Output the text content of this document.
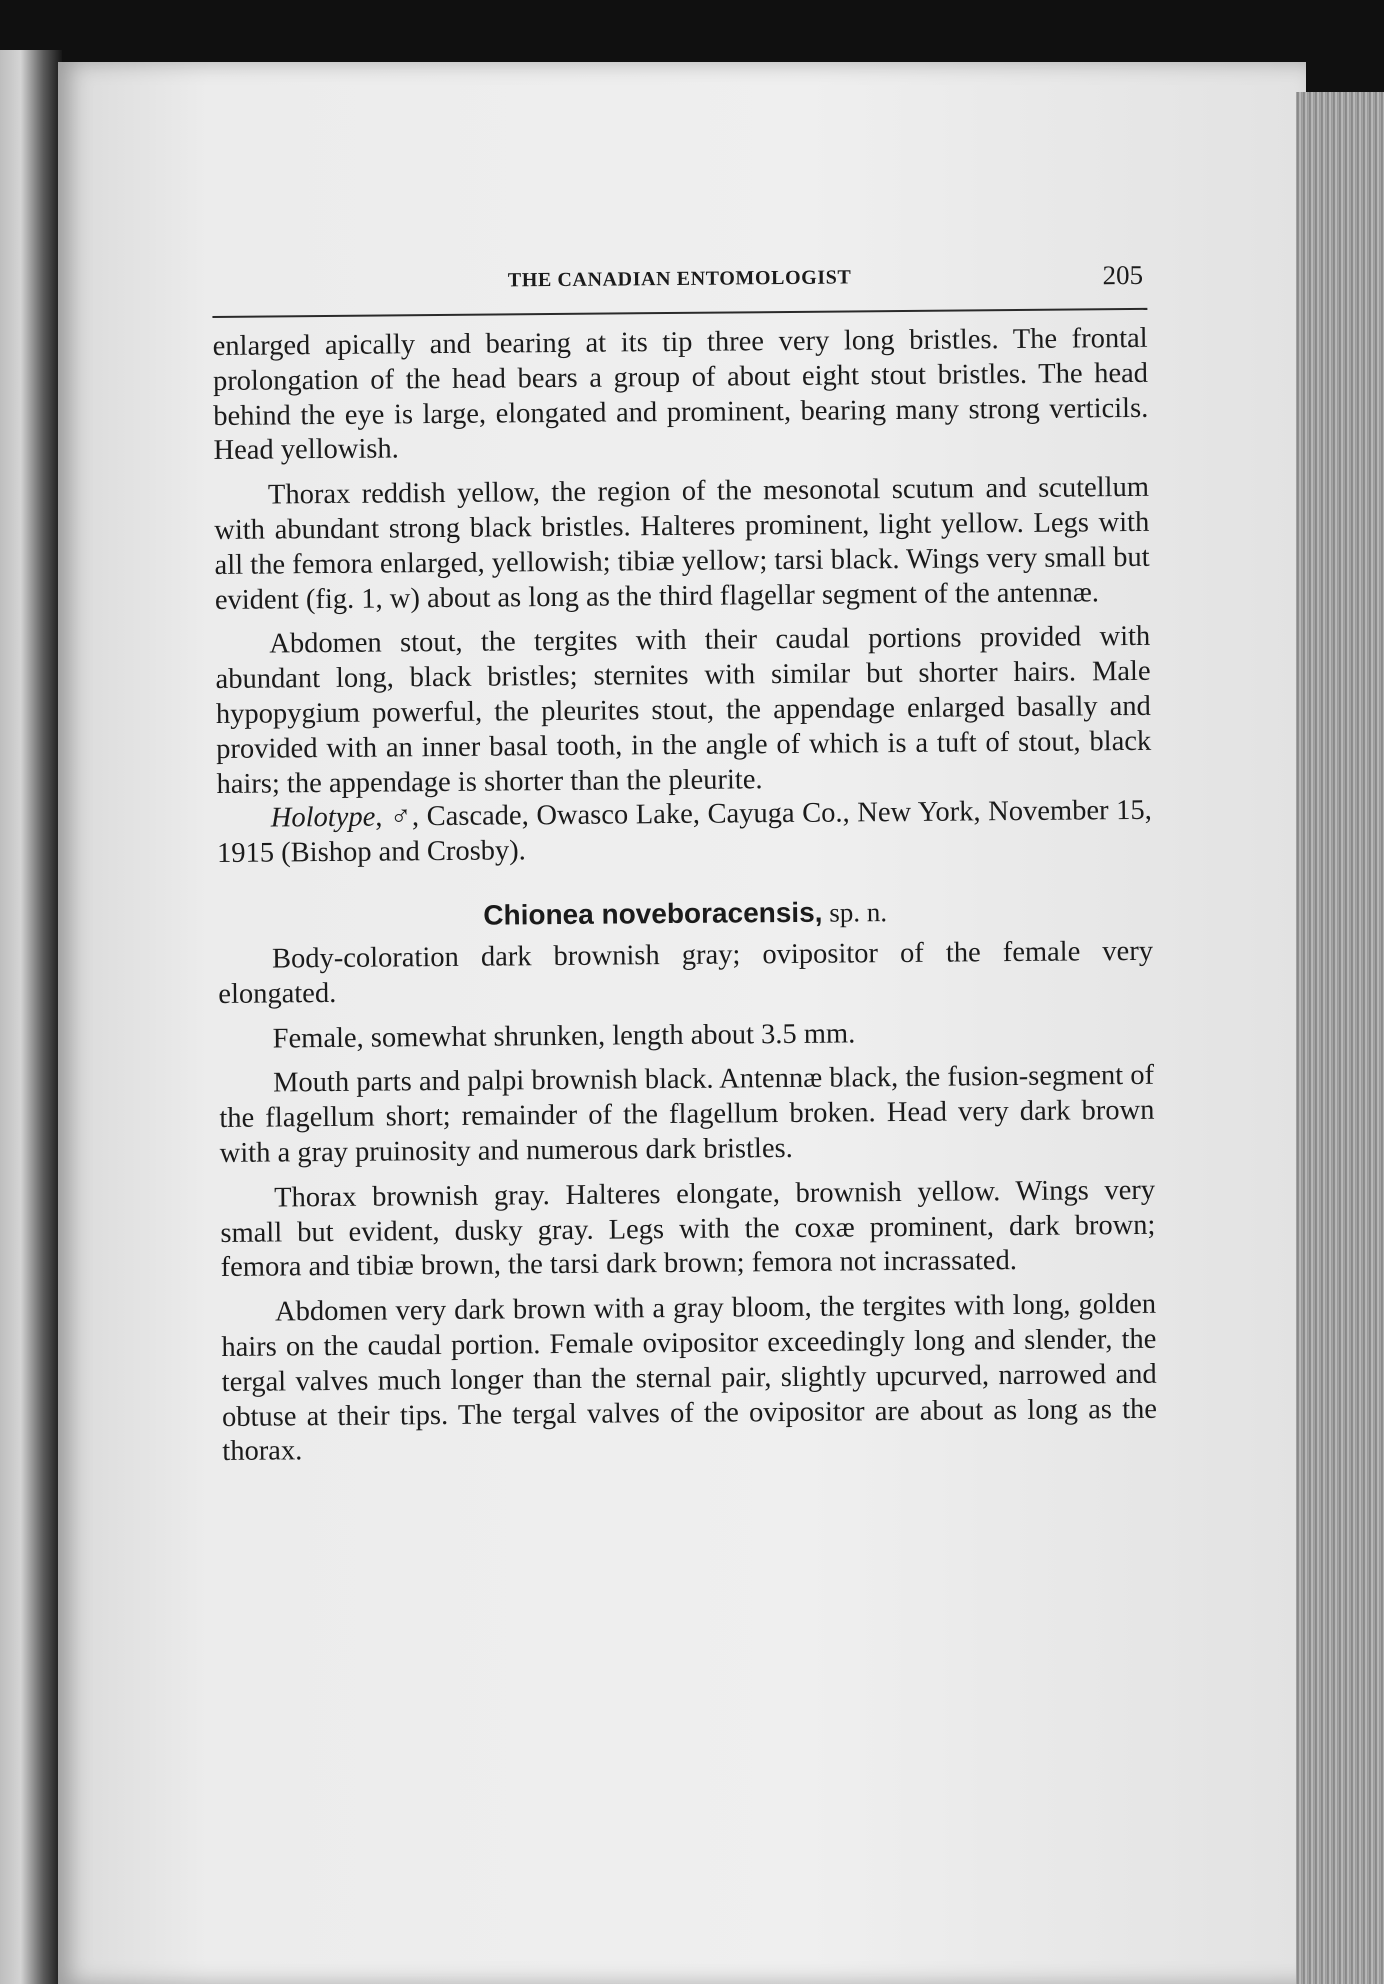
THE CANADIAN ENTOMOLOGIST	205

enlarged apically and bearing at its tip three very long bristles. The frontal prolongation of the head bears a group of about eight stout bristles. The head behind the eye is large, elongated and prominent, bearing many strong verticils. Head yellowish.

Thorax reddish yellow, the region of the mesonotal scutum and scutellum with abundant strong black bristles. Halteres prominent, light yellow. Legs with all the femora enlarged, yellowish; tibiæ yellow; tarsi black. Wings very small but evident (fig. 1, w) about as long as the third flagellar segment of the antennæ.

Abdomen stout, the tergites with their caudal portions provided with abundant long, black bristles; sternites with similar but shorter hairs. Male hypopygium powerful, the pleurites stout, the appendage enlarged basally and provided with an inner basal tooth, in the angle of which is a tuft of stout, black hairs; the appendage is shorter than the pleurite.

Holotype, ♂, Cascade, Owasco Lake, Cayuga Co., New York, November 15, 1915 (Bishop and Crosby).

Chionea noveboracensis, sp. n.

Body-coloration dark brownish gray; ovipositor of the female very elongated.

Female, somewhat shrunken, length about 3.5 mm.

Mouth parts and palpi brownish black. Antennæ black, the fusion-segment of the flagellum short; remainder of the flagellum broken. Head very dark brown with a gray pruinosity and numerous dark bristles.

Thorax brownish gray. Halteres elongate, brownish yellow. Wings very small but evident, dusky gray. Legs with the coxæ prominent, dark brown; femora and tibiæ brown, the tarsi dark brown; femora not incrassated.

Abdomen very dark brown with a gray bloom, the tergites with long, golden hairs on the caudal portion. Female ovipositor exceedingly long and slender, the tergal valves much longer than the sternal pair, slightly upcurved, narrowed and obtuse at their tips. The tergal valves of the ovipositor are about as long as the thorax.
